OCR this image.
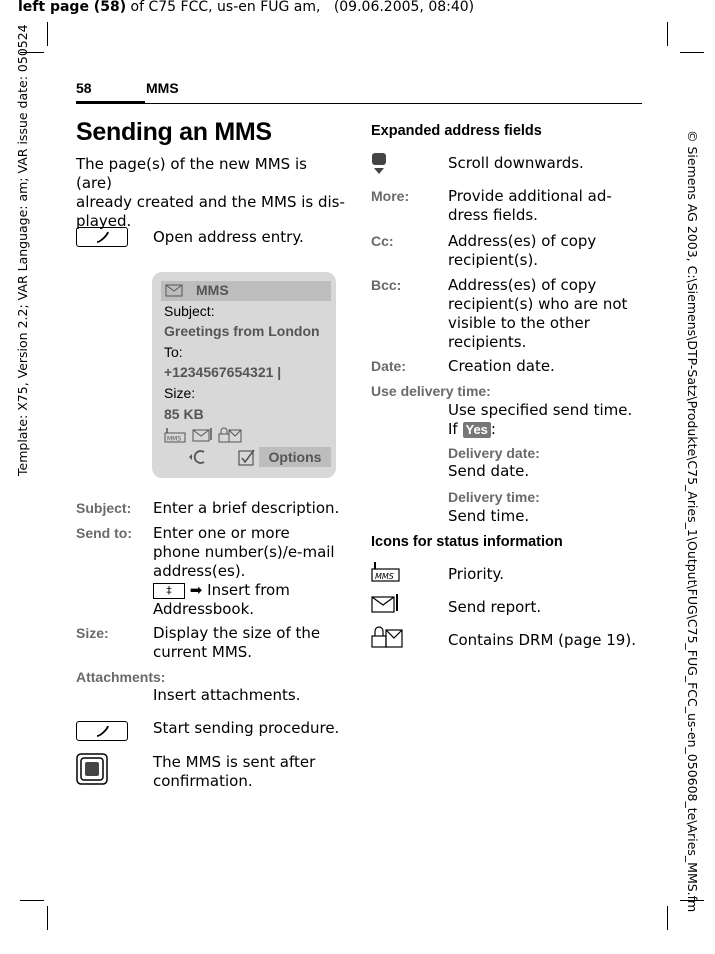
left page (58) of C75 FCC, us-en FUG am, (09.06.2005, 08:40)
Template: X75, Version 2.2; VAR Language: am; VAR issue date: 050524	© Siemens AG 2003, C:\Siemens\DTP-Satz\Produkte\C75_Aries_1\Output\FUG\C75_FUG_FCC_us-en_050608_te\Aries_MMS.fm
58	MMS
Sending an MMS
The page(s) of the new MMS is (are)
already created and the MMS is dis-
played.
Open address entry.
MMS
Subject:
Greetings from London
To:
+1234567654321 |
Size:
85 KB
MMS
Options
Subject: Enter a brief description.
Send to: Enter one or more
phone number(s)/e-mail
address(es).
‡ ➡ Insert from
Addressbook.
Size:	Display the size of the
current MMS.
Attachments:
Insert attachments.
Start sending procedure.
The MMS is sent after
confirmation.
Expanded address fields
Scroll downwards.
More:	Provide additional ad-
dress fields.
Cc:	Address(es) of copy
recipient(s).
Bcc:	Address(es) of copy
recipient(s) who are not
visible to the other
recipients.
Date:	Creation date.
Use delivery time:
Use specified send time.
If Yes :
Delivery date:
Send date.
Delivery time:
Send time.
Icons for status information
MMS	Priority.
Send report.
Contains DRM (page 19).
